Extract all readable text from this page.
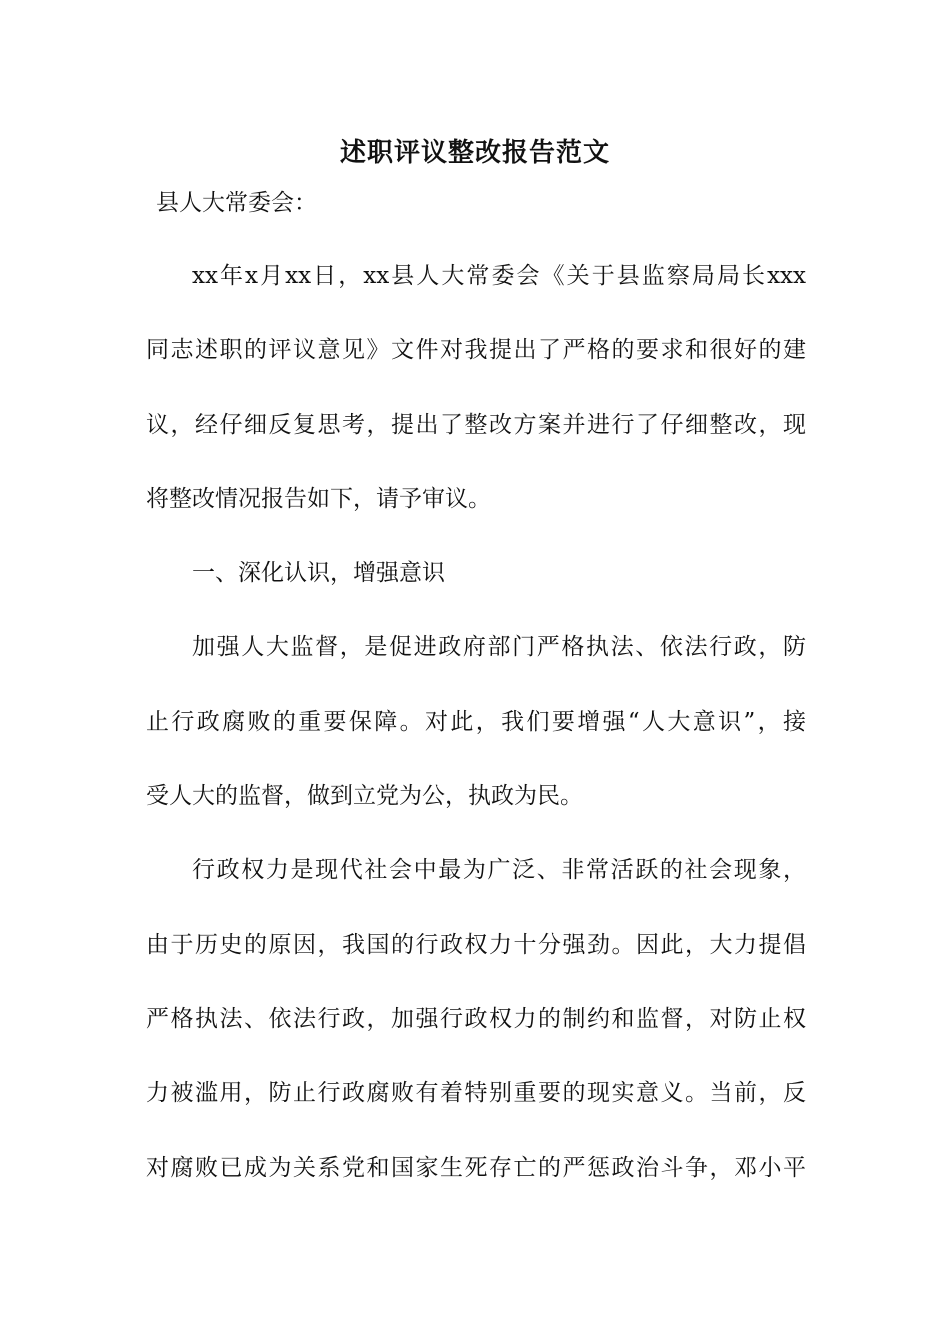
述职评议整改报告范文
县人大常委会：
xx年x月xx日，xx县人大常委会《关于县监察局局长xxx
同志述职的评议意见》文件对我提出了严格的要求和很好的建
议，经仔细反复思考，提出了整改方案并进行了仔细整改，现
将整改情况报告如下，请予审议。
一、深化认识，增强意识
加强人大监督，是促进政府部门严格执法、依法行政，防
止行政腐败的重要保障。对此，我们要增强“人大意识”，接
受人大的监督，做到立党为公，执政为民。
行政权力是现代社会中最为广泛、非常活跃的社会现象，
由于历史的原因，我国的行政权力十分强劲。因此，大力提倡
严格执法、依法行政，加强行政权力的制约和监督，对防止权
力被滥用，防止行政腐败有着特别重要的现实意义。当前，反
对腐败已成为关系党和国家生死存亡的严惩政治斗争，邓小平
